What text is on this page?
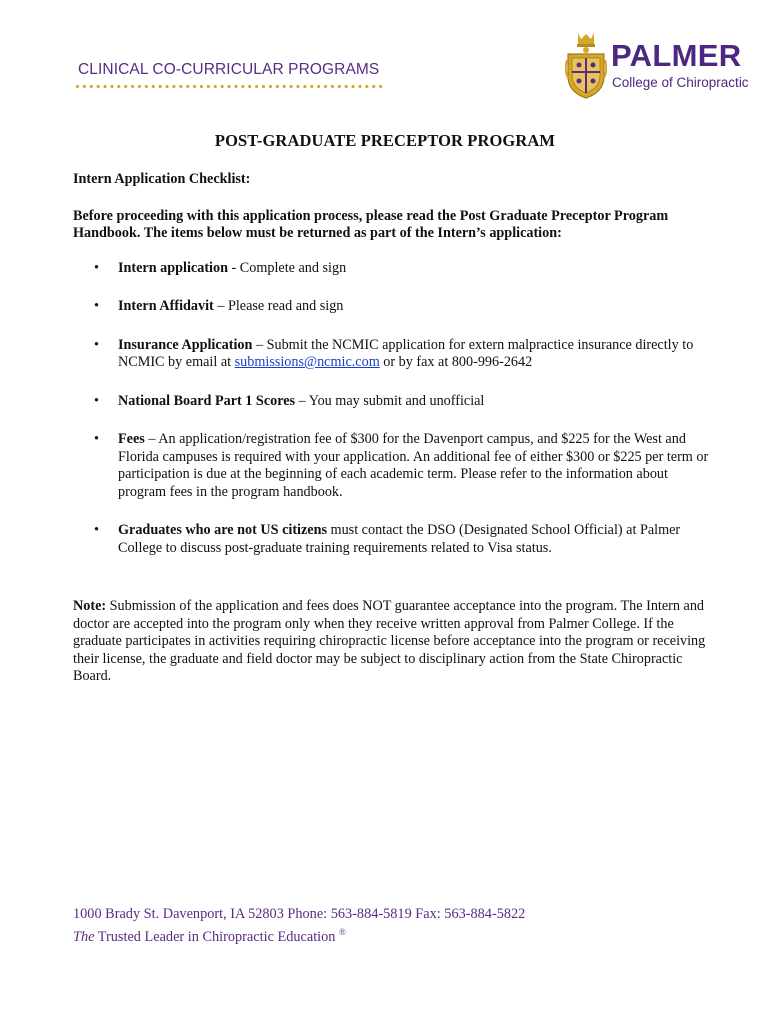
CLINICAL CO-CURRICULAR PROGRAMS	PALMER
College of Chiropractic
POST-GRADUATE PRECEPTOR PROGRAM

Intern Application Checklist:

Before proceeding with this application process, please read the Post Graduate Preceptor Program Handbook. The items below must be returned as part of the Intern’s application:

• Intern application - Complete and sign
• Intern Affidavit – Please read and sign
• Insurance Application – Submit the NCMIC application for extern malpractice insurance directly to NCMIC by email at submissions@ncmic.com or by fax at 800-996-2642
• National Board Part 1 Scores – You may submit and unofficial
• Fees – An application/registration fee of $300 for the Davenport campus, and $225 for the West and Florida campuses is required with your application. An additional fee of either $300 or $225 per term or participation is due at the beginning of each academic term. Please refer to the information about program fees in the program handbook.
• Graduates who are not US citizens must contact the DSO (Designated School Official) at Palmer College to discuss post-graduate training requirements related to Visa status.

Note: Submission of the application and fees does NOT guarantee acceptance into the program. The Intern and doctor are accepted into the program only when they receive written approval from Palmer College. If the graduate participates in activities requiring chiropractic license before acceptance into the program or receiving their license, the graduate and field doctor may be subject to disciplinary action from the State Chiropractic Board.

1000 Brady St. Davenport, IA 52803 Phone: 563-884-5819 Fax: 563-884-5822
The Trusted Leader in Chiropractic Education ®
